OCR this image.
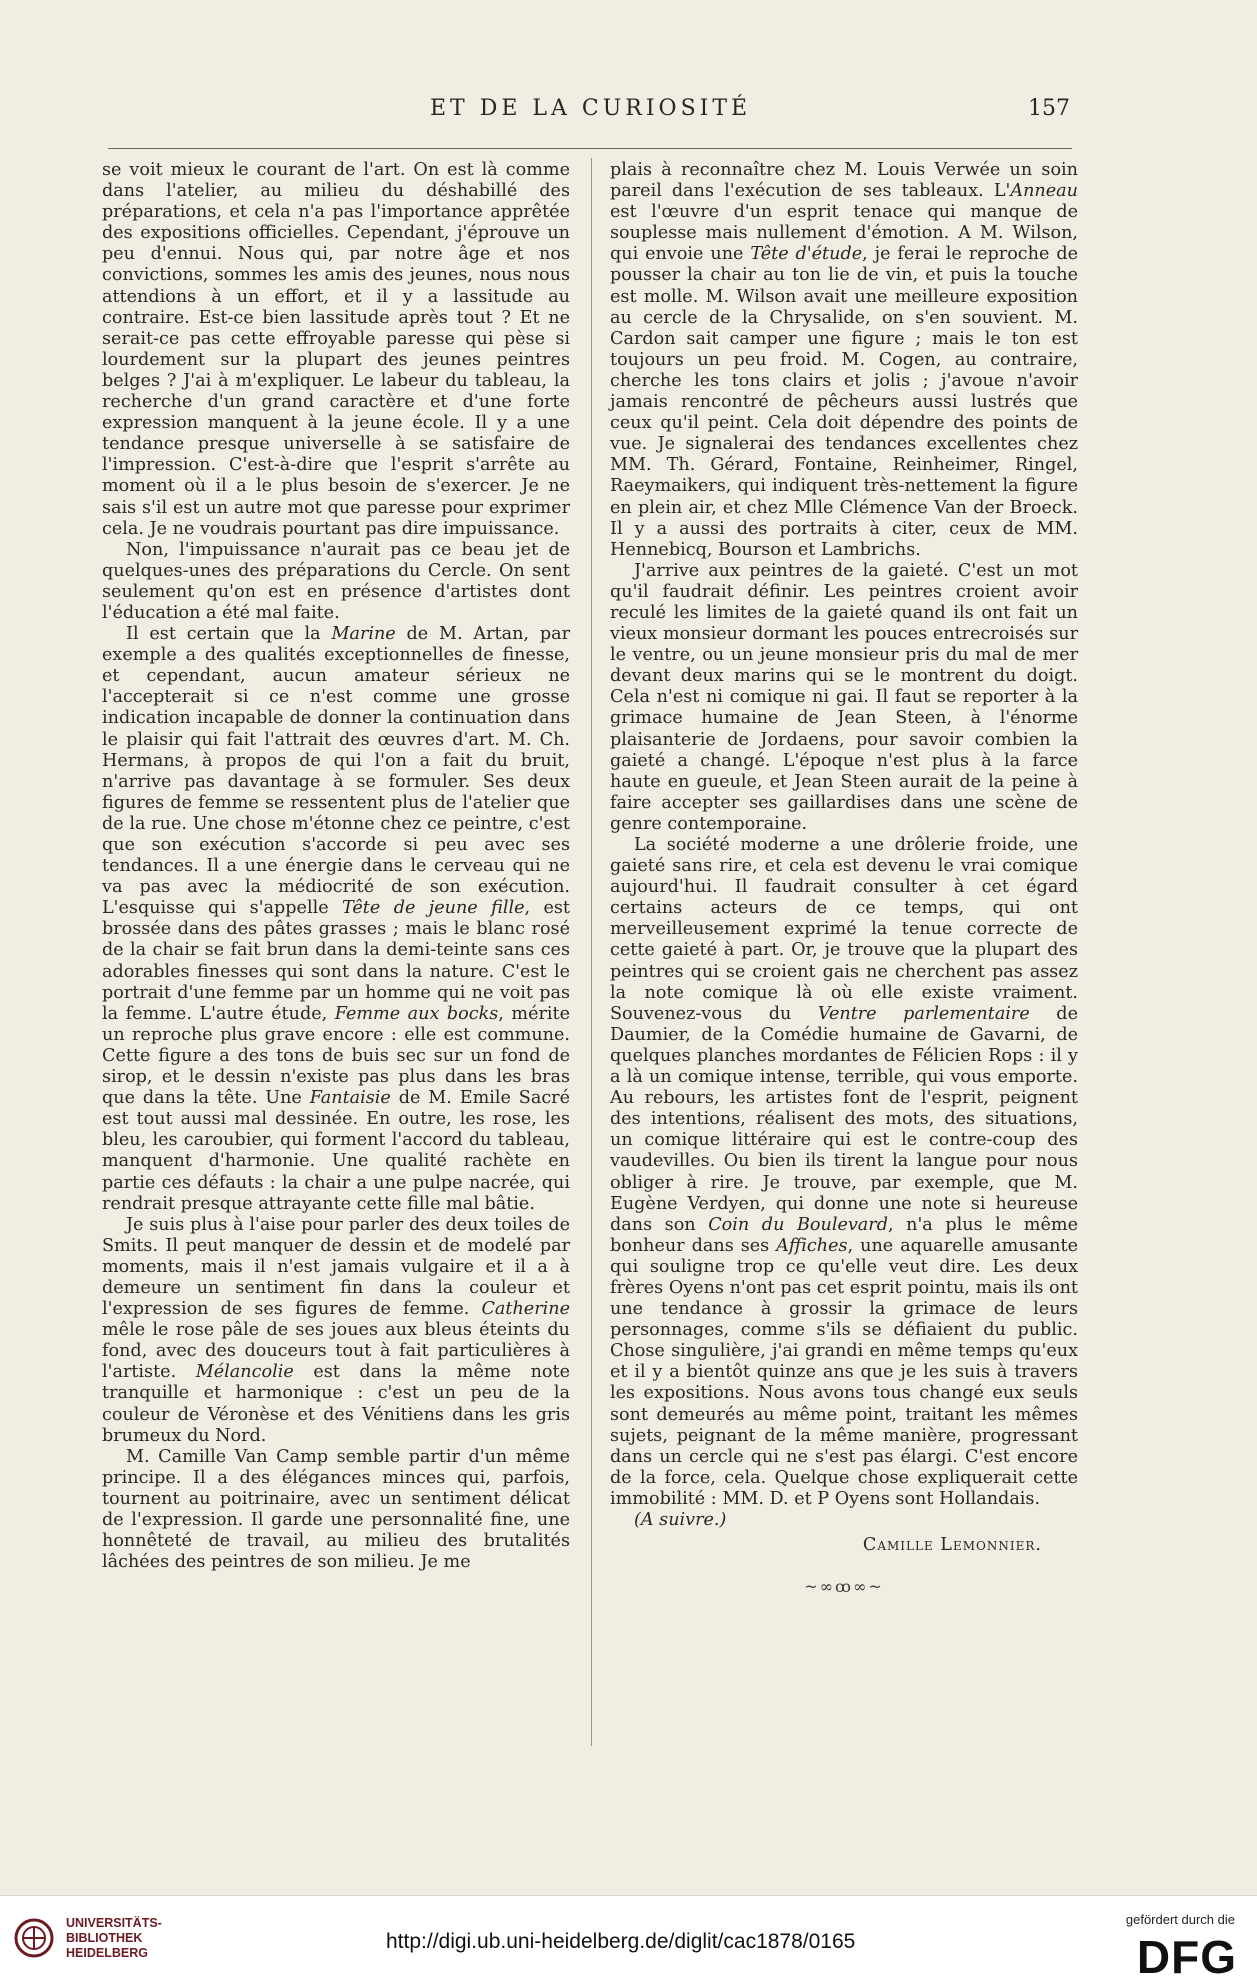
ET DE LA CURIOSITÉ	157

se voit mieux le courant de l'art. On est là comme dans l'atelier, au milieu du déshabillé des préparations, et cela n'a pas l'importance apprêtée des expositions officielles. Cependant, j'éprouve un peu d'ennui. Nous qui, par notre âge et nos convictions, sommes les amis des jeunes, nous nous attendions à un effort, et il y a lassitude au contraire. Est-ce bien lassitude après tout ? Et ne serait-ce pas cette effroyable paresse qui pèse si lourdement sur la plupart des jeunes peintres belges ? J'ai à m'expliquer. Le labeur du tableau, la recherche d'un grand caractère et d'une forte expression manquent à la jeune école. Il y a une tendance presque universelle à se satisfaire de l'impression. C'est-à-dire que l'esprit s'arrête au moment où il a le plus besoin de s'exercer. Je ne sais s'il est un autre mot que paresse pour exprimer cela. Je ne voudrais pourtant pas dire impuissance.

Non, l'impuissance n'aurait pas ce beau jet de quelques-unes des préparations du Cercle. On sent seulement qu'on est en présence d'artistes dont l'éducation a été mal faite.

Il est certain que la Marine de M. Artan, par exemple a des qualités exceptionnelles de finesse, et cependant, aucun amateur sérieux ne l'accepterait si ce n'est comme une grosse indication incapable de donner la continuation dans le plaisir qui fait l'attrait des œuvres d'art. M. Ch. Hermans, à propos de qui l'on a fait du bruit, n'arrive pas davantage à se formuler. Ses deux figures de femme se ressentent plus de l'atelier que de la rue. Une chose m'étonne chez ce peintre, c'est que son exécution s'accorde si peu avec ses tendances. Il a une énergie dans le cerveau qui ne va pas avec la médiocrité de son exécution. L'esquisse qui s'appelle Tête de jeune fille, est brossée dans des pâtes grasses ; mais le blanc rosé de la chair se fait brun dans la demi-teinte sans ces adorables finesses qui sont dans la nature. C'est le portrait d'une femme par un homme qui ne voit pas la femme. L'autre étude, Femme aux bocks, mérite un reproche plus grave encore : elle est commune. Cette figure a des tons de buis sec sur un fond de sirop, et le dessin n'existe pas plus dans les bras que dans la tête. Une Fantaisie de M. Emile Sacré est tout aussi mal dessinée. En outre, les rose, les bleu, les caroubier, qui forment l'accord du tableau, manquent d'harmonie. Une qualité rachète en partie ces défauts : la chair a une pulpe nacrée, qui rendrait presque attrayante cette fille mal bâtie.

Je suis plus à l'aise pour parler des deux toiles de Smits. Il peut manquer de dessin et de modelé par moments, mais il n'est jamais vulgaire et il a à demeure un sentiment fin dans la couleur et l'expression de ses figures de femme. Catherine mêle le rose pâle de ses joues aux bleus éteints du fond, avec des douceurs tout à fait particulières à l'artiste. Mélancolie est dans la même note tranquille et harmonique : c'est un peu de la couleur de Véronèse et des Vénitiens dans les gris brumeux du Nord.

M. Camille Van Camp semble partir d'un même principe. Il a des élégances minces qui, parfois, tournent au poitrinaire, avec un sentiment délicat de l'expression. Il garde une personnalité fine, une honnêteté de travail, au milieu des brutalités lâchées des peintres de son milieu. Je me

plais à reconnaître chez M. Louis Verwée un soin pareil dans l'exécution de ses tableaux. L'Anneau est l'œuvre d'un esprit tenace qui manque de souplesse mais nullement d'émotion. A M. Wilson, qui envoie une Tête d'étude, je ferai le reproche de pousser la chair au ton lie de vin, et puis la touche est molle. M. Wilson avait une meilleure exposition au cercle de la Chrysalide, on s'en souvient. M. Cardon sait camper une figure ; mais le ton est toujours un peu froid. M. Cogen, au contraire, cherche les tons clairs et jolis ; j'avoue n'avoir jamais rencontré de pêcheurs aussi lustrés que ceux qu'il peint. Cela doit dépendre des points de vue. Je signalerai des tendances excellentes chez MM. Th. Gérard, Fontaine, Reinheimer, Ringel, Raeymaikers, qui indiquent très-nettement la figure en plein air, et chez Mlle Clémence Van der Broeck. Il y a aussi des portraits à citer, ceux de MM. Hennebicq, Bourson et Lambrichs.

J'arrive aux peintres de la gaieté. C'est un mot qu'il faudrait définir. Les peintres croient avoir reculé les limites de la gaieté quand ils ont fait un vieux monsieur dormant les pouces entrecroisés sur le ventre, ou un jeune monsieur pris du mal de mer devant deux marins qui se le montrent du doigt. Cela n'est ni comique ni gai. Il faut se reporter à la grimace humaine de Jean Steen, à l'énorme plaisanterie de Jordaens, pour savoir combien la gaieté a changé. L'époque n'est plus à la farce haute en gueule, et Jean Steen aurait de la peine à faire accepter ses gaillardises dans une scène de genre contemporaine.

La société moderne a une drôlerie froide, une gaieté sans rire, et cela est devenu le vrai comique aujourd'hui. Il faudrait consulter à cet égard certains acteurs de ce temps, qui ont merveilleusement exprimé la tenue correcte de cette gaieté à part. Or, je trouve que la plupart des peintres qui se croient gais ne cherchent pas assez la note comique là où elle existe vraiment. Souvenez-vous du Ventre parlementaire de Daumier, de la Comédie humaine de Gavarni, de quelques planches mordantes de Félicien Rops : il y a là un comique intense, terrible, qui vous emporte. Au rebours, les artistes font de l'esprit, peignent des intentions, réalisent des mots, des situations, un comique littéraire qui est le contre-coup des vaudevilles. Ou bien ils tirent la langue pour nous obliger à rire. Je trouve, par exemple, que M. Eugène Verdyen, qui donne une note si heureuse dans son Coin du Boulevard, n'a plus le même bonheur dans ses Affiches, une aquarelle amusante qui souligne trop ce qu'elle veut dire. Les deux frères Oyens n'ont pas cet esprit pointu, mais ils ont une tendance à grossir la grimace de leurs personnages, comme s'ils se défiaient du public. Chose singulière, j'ai grandi en même temps qu'eux et il y a bientôt quinze ans que je les suis à travers les expositions. Nous avons tous changé eux seuls sont demeurés au même point, traitant les mêmes sujets, peignant de la même manière, progressant dans un cercle qui ne s'est pas élargi. C'est encore de la force, cela. Quelque chose expliquerait cette immobilité : MM. D. et P Oyens sont Hollandais.

(A suivre.)

Camille Lemonnier.
~∞ꝏ∞~
UNIVERSITÄTS-
BIBLIOTHEK
HEIDELBERG	http://digi.ub.uni-heidelberg.de/diglit/cac1878/0165
gefördert durch die
DFG
